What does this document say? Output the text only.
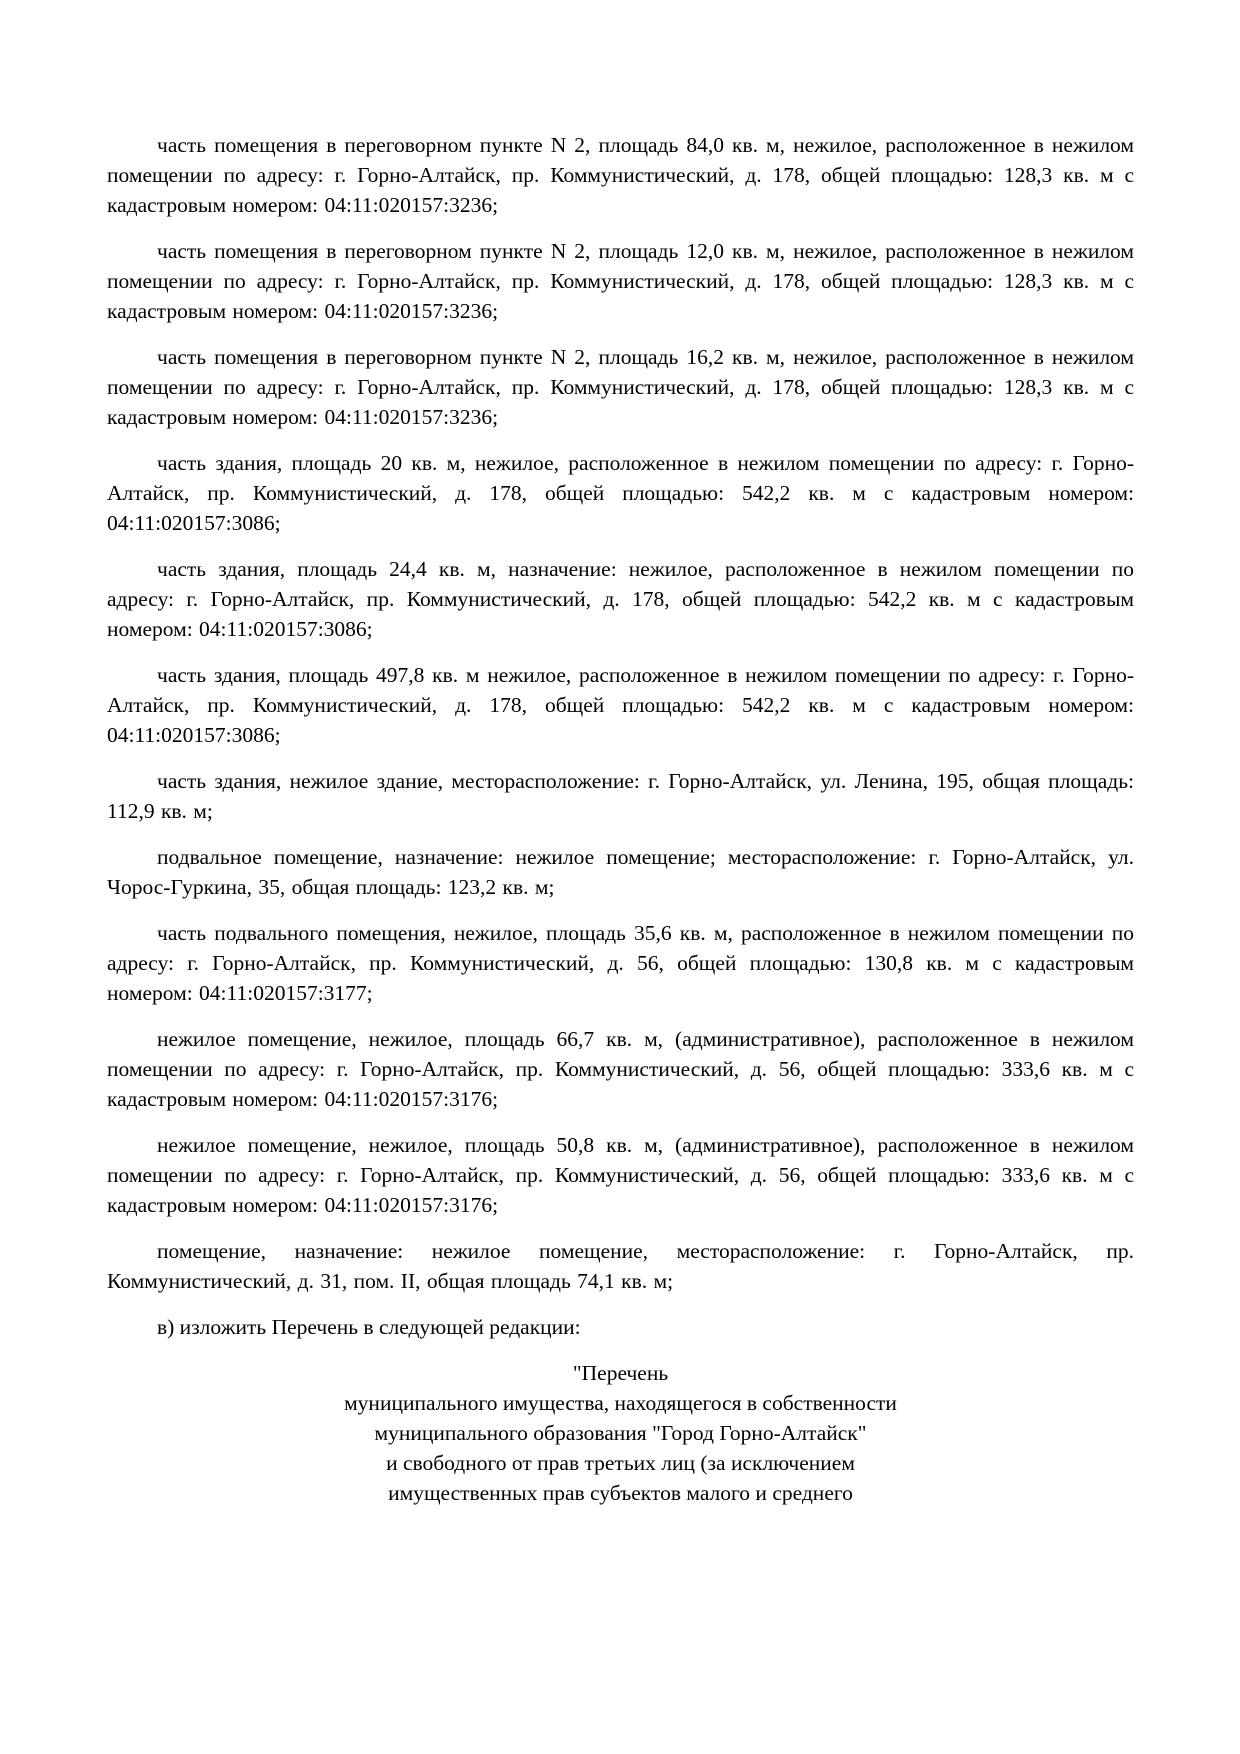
часть помещения в переговорном пункте N 2, площадь 84,0 кв. м, нежилое, расположенное в нежилом помещении по адресу: г. Горно-Алтайск, пр. Коммунистический, д. 178, общей площадью: 128,3 кв. м с кадастровым номером: 04:11:020157:3236;

часть помещения в переговорном пункте N 2, площадь 12,0 кв. м, нежилое, расположенное в нежилом помещении по адресу: г. Горно-Алтайск, пр. Коммунистический, д. 178, общей площадью: 128,3 кв. м с кадастровым номером: 04:11:020157:3236;

часть помещения в переговорном пункте N 2, площадь 16,2 кв. м, нежилое, расположенное в нежилом помещении по адресу: г. Горно-Алтайск, пр. Коммунистический, д. 178, общей площадью: 128,3 кв. м с кадастровым номером: 04:11:020157:3236;

часть здания, площадь 20 кв. м, нежилое, расположенное в нежилом помещении по адресу: г. Горно-Алтайск, пр. Коммунистический, д. 178, общей площадью: 542,2 кв. м с кадастровым номером: 04:11:020157:3086;

часть здания, площадь 24,4 кв. м, назначение: нежилое, расположенное в нежилом помещении по адресу: г. Горно-Алтайск, пр. Коммунистический, д. 178, общей площадью: 542,2 кв. м с кадастровым номером: 04:11:020157:3086;

часть здания, площадь 497,8 кв. м нежилое, расположенное в нежилом помещении по адресу: г. Горно-Алтайск, пр. Коммунистический, д. 178, общей площадью: 542,2 кв. м с кадастровым номером: 04:11:020157:3086;

часть здания, нежилое здание, месторасположение: г. Горно-Алтайск, ул. Ленина, 195, общая площадь: 112,9 кв. м;

подвальное помещение, назначение: нежилое помещение; месторасположение: г. Горно-Алтайск, ул. Чорос-Гуркина, 35, общая площадь: 123,2 кв. м;

часть подвального помещения, нежилое, площадь 35,6 кв. м, расположенное в нежилом помещении по адресу: г. Горно-Алтайск, пр. Коммунистический, д. 56, общей площадью: 130,8 кв. м с кадастровым номером: 04:11:020157:3177;

нежилое помещение, нежилое, площадь 66,7 кв. м, (административное), расположенное в нежилом помещении по адресу: г. Горно-Алтайск, пр. Коммунистический, д. 56, общей площадью: 333,6 кв. м с кадастровым номером: 04:11:020157:3176;

нежилое помещение, нежилое, площадь 50,8 кв. м, (административное), расположенное в нежилом помещении по адресу: г. Горно-Алтайск, пр. Коммунистический, д. 56, общей площадью: 333,6 кв. м с кадастровым номером: 04:11:020157:3176;

помещение, назначение: нежилое помещение, месторасположение: г. Горно-Алтайск, пр. Коммунистический, д. 31, пом. II, общая площадь 74,1 кв. м;

в) изложить Перечень в следующей редакции:

"Перечень
муниципального имущества, находящегося в собственности
муниципального образования "Город Горно-Алтайск"
и свободного от прав третьих лиц (за исключением
имущественных прав субъектов малого и среднего
